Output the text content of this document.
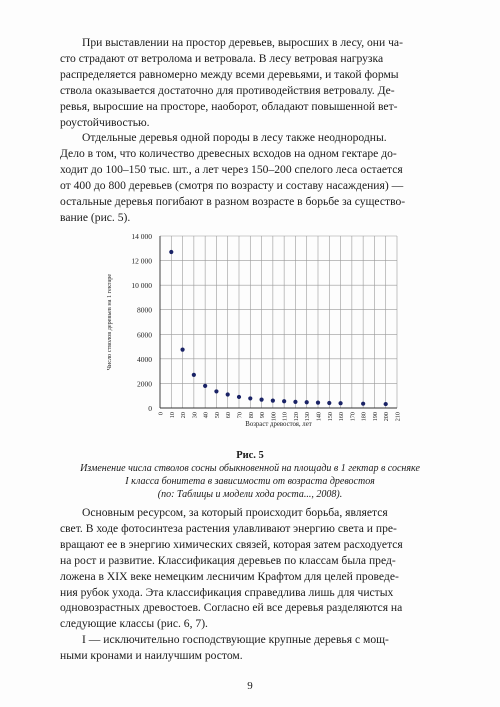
При выставлении на простор деревьев, выросших в лесу, они ча-

сто страдают от ветролома и ветровала. В лесу ветровая нагрузка
распределяется равномерно между всеми деревьями, и такой формы
ствола оказывается достаточно для противодействия ветровалу. Де-
ревья, выросшие на просторе, наоборот, обладают повышенной вет-
роустойчивостью.

Отдельные деревья одной породы в лесу также неоднородны.

Дело в том, что количество древесных всходов на одном гектаре до-
ходит до 100–150 тыс. шт., а лет через 150–200 спелого леса остается
от 400 до 800 деревьев (смотря по возрасту и составу насаждения) —
остальные деревья погибают в разном возрасте в борьбе за существо-
вание (рис. 5).
0
2000
4000
6000
8000
10 000
12 000
14 000
0 10 20 30 40 50 60 70 80 90 100 110 120 130 140 150 160 170 180 190 200 210
Возраст древостоя, лет
Число стволов деревьев на 1 гектаре
Рис. 5
Изменение числа стволов сосны обыкновенной на площади в 1 гектар в сосняке
I класса бонитета в зависимости от возраста древостоя
(по: Таблицы и модели хода роста..., 2008).

Основным ресурсом, за который происходит борьба, является

свет. В ходе фотосинтеза растения улавливают энергию света и пре-
вращают ее в энергию химических связей, которая затем расходуется
на рост и развитие. Классификация деревьев по классам была пред-
ложена в XIX веке немецким лесничим Крафтом для целей проведе-
ния рубок ухода. Эта классификация справедлива лишь для чистых
одновозрастных древостоев. Согласно ей все деревья разделяются на
следующие классы (рис. 6, 7).

I — исключительно господствующие крупные деревья с мощ-

ными кронами и наилучшим ростом.
9
